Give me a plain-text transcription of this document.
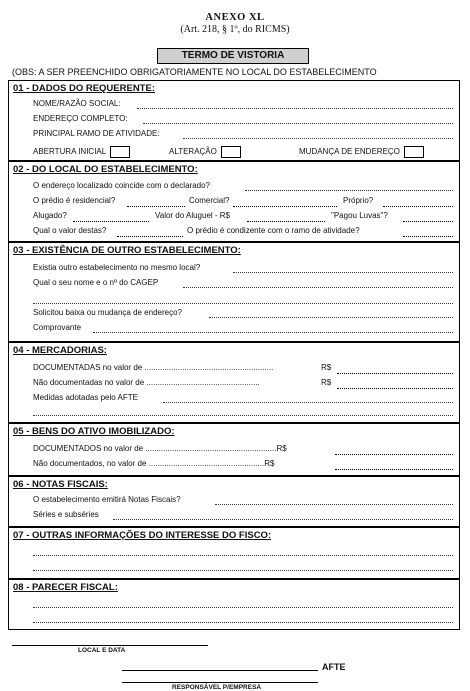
ANEXO XL
(Art. 218, § 1º, do RICMS)
TERMO DE VISTORIA
(OBS: A SER PREENCHIDO OBRIGATORIAMENTE NO LOCAL DO ESTABELECIMENTO
01 - DADOS DO REQUERENTE:
NOME/RAZÃO SOCIAL:
ENDEREÇO COMPLETO:
PRINCIPAL RAMO DE ATIVIDADE:
ABERTURA INICIAL	ALTERAÇÃO	MUDANÇA DE ENDEREÇO
02 - DO LOCAL DO ESTABELECIMENTO:
O endereço localizado coincide com o declarado?
O prédio é residencial?	Comercial?	Próprio?
Alugado?	Valor do Aluguel - R$	"Pagou Luvas"?
Qual o valor destas?	O prédio é condizente com o ramo de atividade?
03 - EXISTÊNCIA DE OUTRO ESTABELECIMENTO:
Existia outro estabelecimento no mesmo local?
Qual o seu nome e o nº do CAGEP
Solicitou baixa ou mudança de endereço?
Comprovante
04 - MERCADORIAS:
DOCUMENTADAS no valor de ..........................................................	R$
Não documentadas no valor de ...................................................	R$
Medidas adotadas pelo AFTE
05 - BENS DO ATIVO IMOBILIZADO:
DOCUMENTADOS no valor de ...........................................................R$
Não documentados, no valor de ....................................................R$
06 - NOTAS FISCAIS:
O estabelecimento emitirá Notas Fiscais?
Séries e subséries
07 - OUTRAS INFORMAÇÕES DO INTERESSE DO FISCO:
08 - PARECER FISCAL:
LOCAL E DATA
AFTE
RESPONSÁVEL P/EMPRESA
